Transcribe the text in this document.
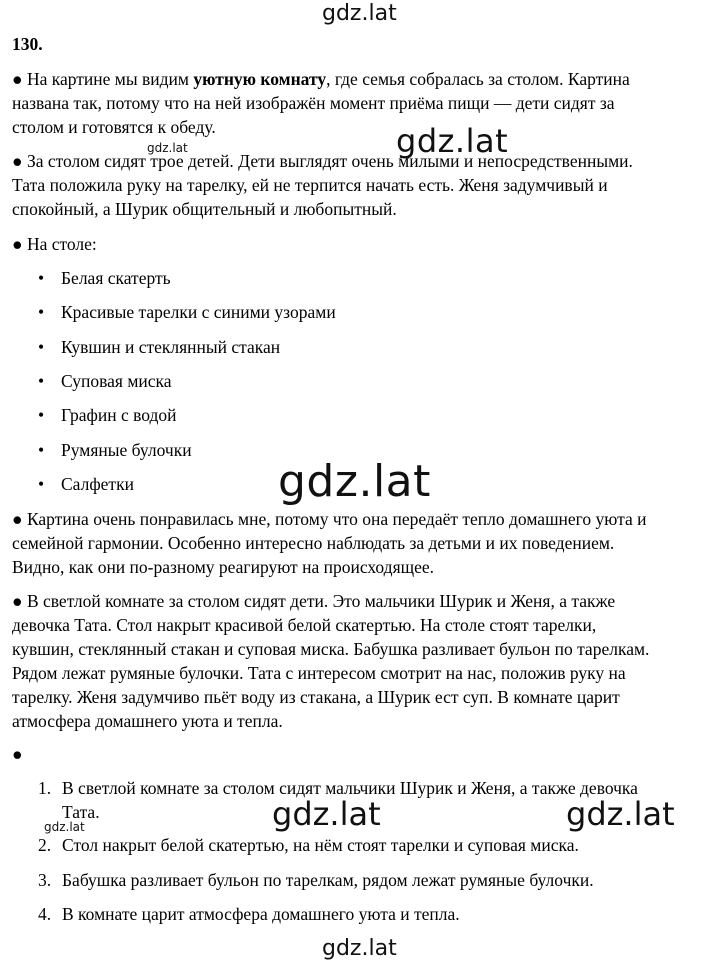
gdz.lat
gdz.lat
gdz.lat
gdz.lat
gdz.lat	gdz.lat
gdz.lat
gdz.lat
130.
● На картине мы видим уютную комнату, где семья собралась за столом. Картина
названа так, потому что на ней изображён момент приёма пищи — дети сидят за
столом и готовятся к обеду.
● За столом сидят трое детей. Дети выглядят очень милыми и непосредственными.
Тата положила руку на тарелку, ей не терпится начать есть. Женя задумчивый и
спокойный, а Шурик общительный и любопытный.
● На столе:
Белая скатерть
Красивые тарелки с синими узорами
Кувшин и стеклянный стакан
Суповая миска
Графин с водой
Румяные булочки
Салфетки
● Картина очень понравилась мне, потому что она передаёт тепло домашнего уюта и
семейной гармонии. Особенно интересно наблюдать за детьми и их поведением.
Видно, как они по-разному реагируют на происходящее.
● В светлой комнате за столом сидят дети. Это мальчики Шурик и Женя, а также
девочка Тата. Стол накрыт красивой белой скатертью. На столе стоят тарелки,
кувшин, стеклянный стакан и суповая миска. Бабушка разливает бульон по тарелкам.
Рядом лежат румяные булочки. Тата с интересом смотрит на нас, положив руку на
тарелку. Женя задумчиво пьёт воду из стакана, а Шурик ест суп. В комнате царит
атмосфера домашнего уюта и тепла.
●
1. В светлой комнате за столом сидят мальчики Шурик и Женя, а также девочка
Тата.
2. Стол накрыт белой скатертью, на нём стоят тарелки и суповая миска.
3. Бабушка разливает бульон по тарелкам, рядом лежат румяные булочки.
4. В комнате царит атмосфера домашнего уюта и тепла.
